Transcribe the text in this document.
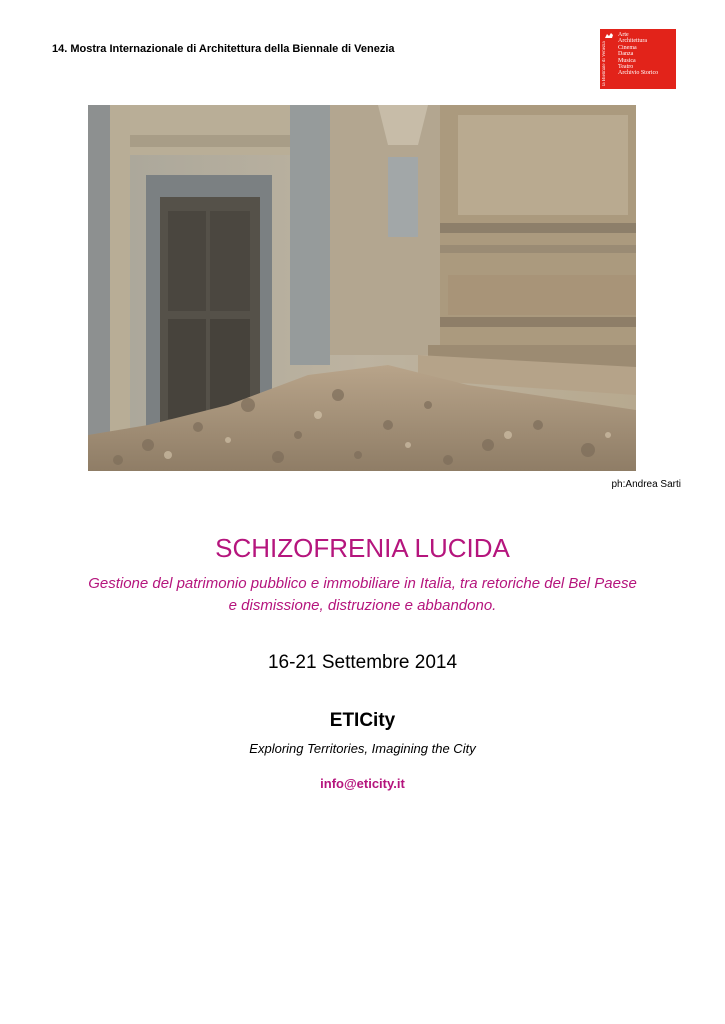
14. Mostra Internazionale di Architettura della Biennale di Venezia	la Biennale di Venezia
Arte
Architettura
Cinema
Danza
Musica
Teatro
Archivio Storico
ph:Andrea Sarti
SCHIZOFRENIA LUCIDA
Gestione del patrimonio pubblico e immobiliare in Italia, tra retoriche del Bel Paese
e dismissione, distruzione e abbandono.
16-21 Settembre 2014
ETICity
Exploring Territories, Imagining the City
info@eticity.it
